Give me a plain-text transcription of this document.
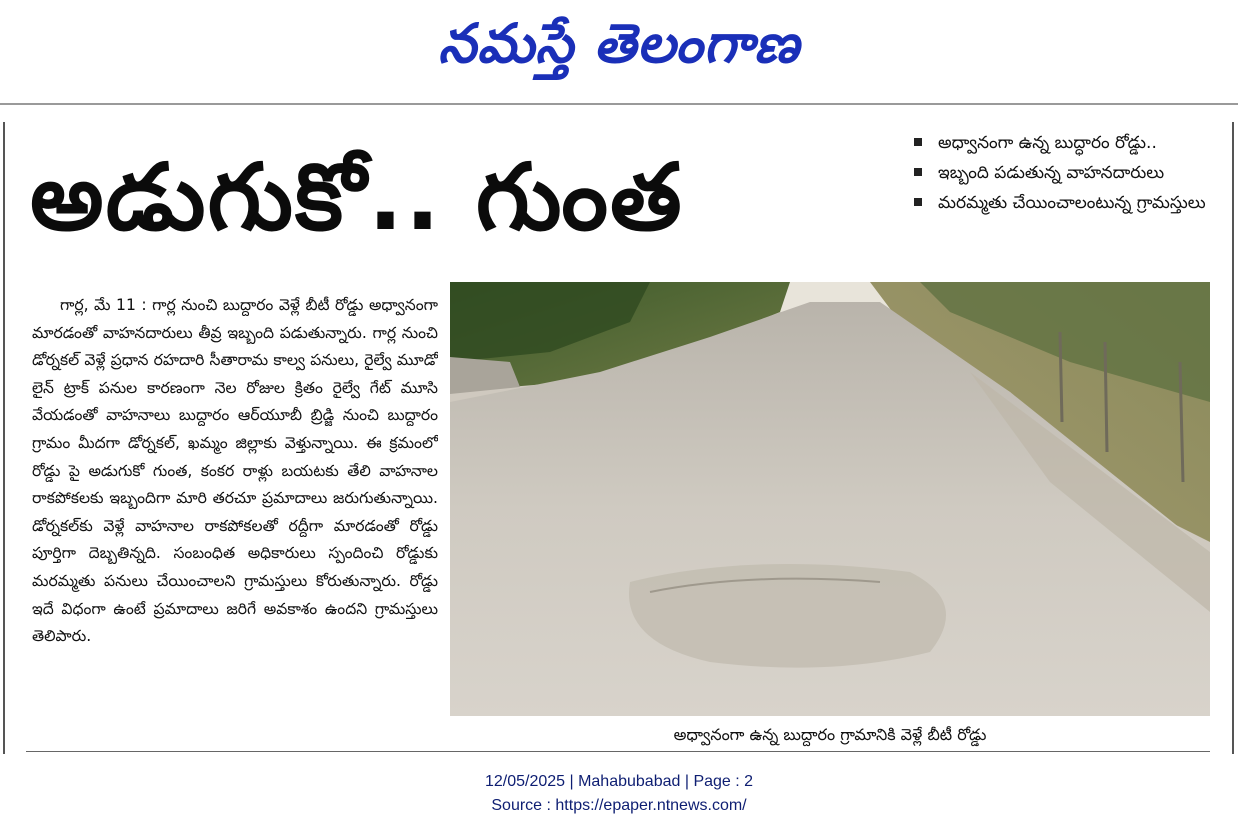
నమస్తే తెలంగాణ
అడుగుకో.. గుంత
అధ్వానంగా ఉన్న బుద్ధారం రోడ్డు..
ఇబ్బంది పడుతున్న వాహనదారులు
మరమ్మతు చేయించాలంటున్న గ్రామస్తులు

గార్ల, మే 11 : గార్ల నుంచి బుద్దారం వెళ్లే బీటీ రోడ్డు అధ్వానంగా మారడంతో వాహనదారులు తీవ్ర ఇబ్బంది పడుతున్నారు. గార్ల నుంచి డోర్నకల్ వెళ్లే ప్రధాన రహదారి సీతారామ కాల్వ పనులు, రైల్వే మూడో లైన్ ట్రాక్ పనుల కారణంగా నెల రోజుల క్రితం రైల్వే గేట్ మూసి వేయడంతో వాహనాలు బుద్దారం ఆర్‌యూబీ బ్రిడ్జి నుంచి బుద్దారం గ్రామం మీదగా డోర్నకల్, ఖమ్మం జిల్లాకు వెళ్తున్నాయి. ఈ క్రమంలో రోడ్డు పై అడుగుకో గుంత, కంకర రాళ్లు బయటకు తేలి వాహనాల రాకపోకలకు ఇబ్బందిగా మారి తరచూ ప్రమాదాలు జరుగుతున్నాయి. డోర్నకల్‌కు వెళ్లే వాహనాల రాకపోకలతో రద్దీగా మారడంతో రోడ్డు పూర్తిగా దెబ్బతిన్నది. సంబంధిత అధికారులు స్పందించి రోడ్డుకు మరమ్మతు పనులు చేయించాలని గ్రామస్తులు కోరుతున్నారు. రోడ్డు ఇదే విధంగా ఉంటే ప్రమాదాలు జరిగే అవకాశం ఉందని గ్రామస్తులు తెలిపారు.

అధ్వానంగా ఉన్న బుద్దారం గ్రామానికి వెళ్లే బీటీ రోడ్డు
12/05/2025 | Mahabubabad | Page : 2
Source : https://epaper.ntnews.com/
